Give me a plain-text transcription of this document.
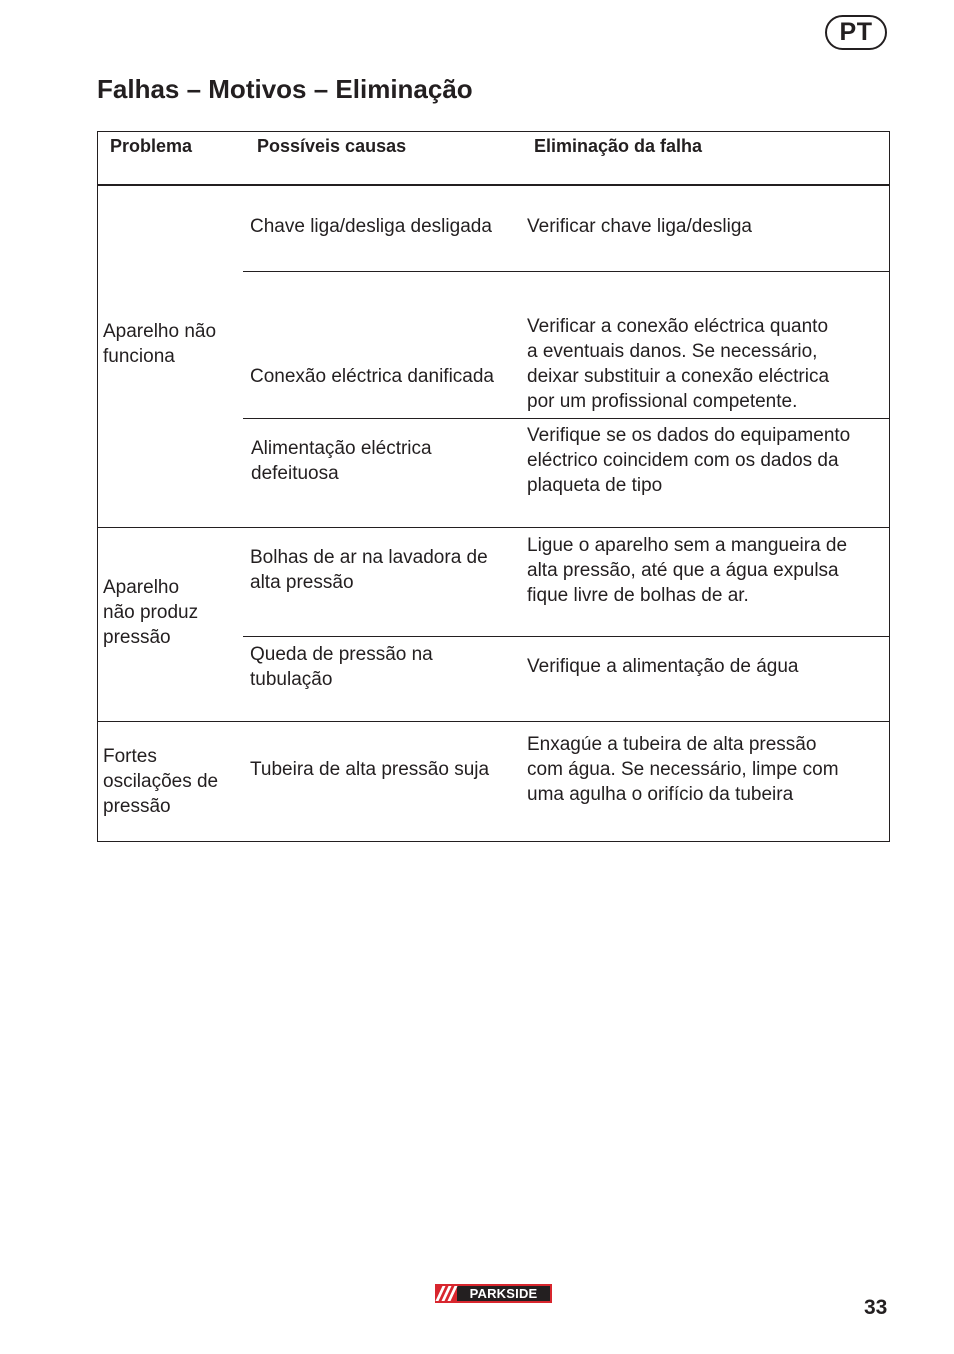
PT
Falhas – Motivos – Eliminação
Problema	Possíveis causas	Eliminação da falha
Aparelho não
funciona
Chave liga/desliga desligada Verificar chave liga/desliga
Conexão eléctrica danificada
Verificar a conexão eléctrica quanto
a eventuais danos. Se necessário,
deixar substituir a conexão eléctrica
por um profissional competente.
Alimentação eléctrica
defeituosa
Verifique se os dados do equipamento
eléctrico coincidem com os dados da
plaqueta de tipo
Aparelho
não produz
pressão
Bolhas de ar na lavadora de
alta pressão
Ligue o aparelho sem a mangueira de
alta pressão, até que a água expulsa
fique livre de bolhas de ar.
Queda de pressão na
tubulação
Verifique a alimentação de água
Fortes
oscilações de
pressão
Tubeira de alta pressão suja
Enxagúe a tubeira de alta pressão
com água. Se necessário, limpe com
uma agulha o orifício da tubeira
PARKSIDE
33
